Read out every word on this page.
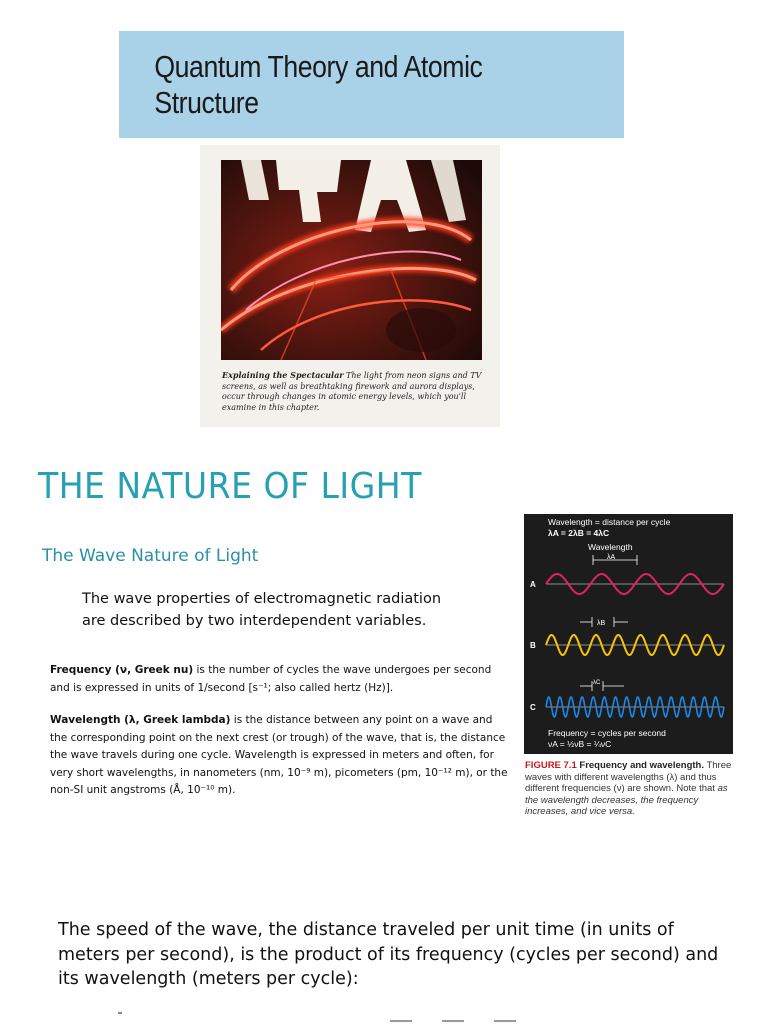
Quantum Theory and Atomic Structure
Explaining the Spectacular The light from neon signs and TV screens, as well as breathtaking firework and aurora displays, occur through changes in atomic energy levels, which you'll examine in this chapter.
THE NATURE OF LIGHT
The Wave Nature of Light
The wave properties of electromagnetic radiation are described by two interdependent variables.

Frequency (ν, Greek nu) is the number of cycles the wave undergoes per second and is expressed in units of 1/second [s⁻¹; also called hertz (Hz)].

Wavelength (λ, Greek lambda) is the distance between any point on a wave and the corresponding point on the next crest (or trough) of the wave, that is, the distance the wave travels during one cycle. Wavelength is expressed in meters and often, for very short wavelengths, in nanometers (nm, 10⁻⁹ m), picometers (pm, 10⁻¹² m), or the non-SI unit angstroms (Å, 10⁻¹⁰ m).

Wavelength = distance per cycle
λA = 2λB = 4λC
Wavelength
λA
A
λB
B
λC
C
Frequency = cycles per second
νA = ½νB = ¼νC
FIGURE 7.1 Frequency and wavelength. Three waves with different wavelengths (λ) and thus different frequencies (ν) are shown. Note that as the wavelength decreases, the frequency increases, and vice versa.
The speed of the wave, the distance traveled per unit time (in units of meters per second), is the product of its frequency (cycles per second) and its wavelength (meters per cycle):
